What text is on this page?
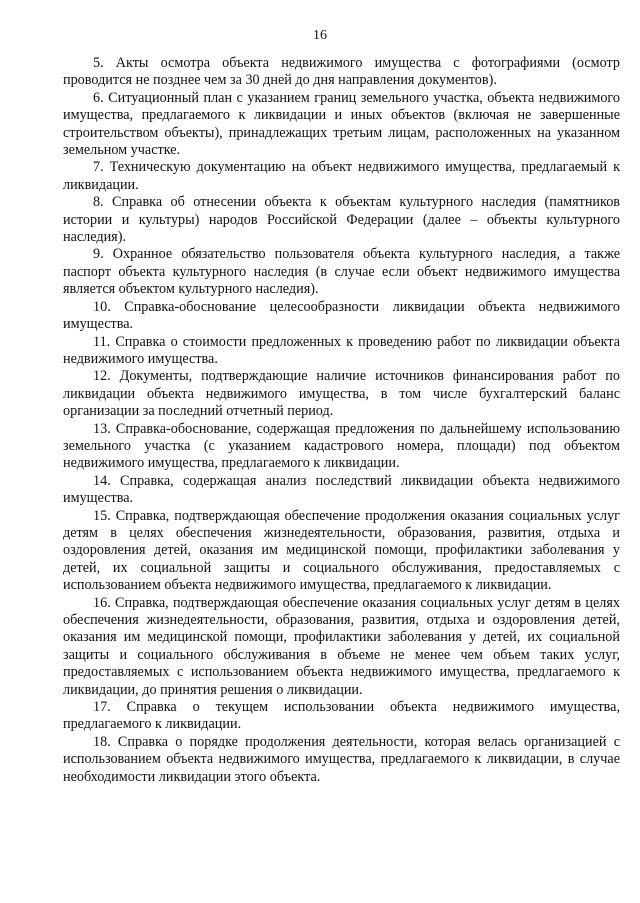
16

5. Акты осмотра объекта недвижимого имущества с фотографиями (осмотр проводится не позднее чем за 30 дней до дня направления документов).

6. Ситуационный план с указанием границ земельного участка, объекта недвижимого имущества, предлагаемого к ликвидации и иных объектов (включая не завершенные строительством объекты), принадлежащих третьим лицам, расположенных на указанном земельном участке.

7. Техническую документацию на объект недвижимого имущества, предлагаемый к ликвидации.

8. Справка об отнесении объекта к объектам культурного наследия (памятников истории и культуры) народов Российской Федерации (далее – объекты культурного наследия).

9. Охранное обязательство пользователя объекта культурного наследия, а также паспорт объекта культурного наследия (в случае если объект недвижимого имущества является объектом культурного наследия).

10. Справка-обоснование целесообразности ликвидации объекта недвижимого имущества.

11. Справка о стоимости предложенных к проведению работ по ликвидации объекта недвижимого имущества.

12. Документы, подтверждающие наличие источников финансирования работ по ликвидации объекта недвижимого имущества, в том числе бухгалтерский баланс организации за последний отчетный период.

13. Справка-обоснование, содержащая предложения по дальнейшему использованию земельного участка (с указанием кадастрового номера, площади) под объектом недвижимого имущества, предлагаемого к ликвидации.

14. Справка, содержащая анализ последствий ликвидации объекта недвижимого имущества.

15. Справка, подтверждающая обеспечение продолжения оказания социальных услуг детям в целях обеспечения жизнедеятельности, образования, развития, отдыха и оздоровления детей, оказания им медицинской помощи, профилактики заболевания у детей, их социальной защиты и социального обслуживания, предоставляемых с использованием объекта недвижимого имущества, предлагаемого к ликвидации.

16. Справка, подтверждающая обеспечение оказания социальных услуг детям в целях обеспечения жизнедеятельности, образования, развития, отдыха и оздоровления детей, оказания им медицинской помощи, профилактики заболевания у детей, их социальной защиты и социального обслуживания в объеме не менее чем объем таких услуг, предоставляемых с использованием объекта недвижимого имущества, предлагаемого к ликвидации, до принятия решения о ликвидации.

17. Справка о текущем использовании объекта недвижимого имущества, предлагаемого к ликвидации.

18. Справка о порядке продолжения деятельности, которая велась организацией с использованием объекта недвижимого имущества, предлагаемого к ликвидации, в случае необходимости ликвидации этого объекта.
